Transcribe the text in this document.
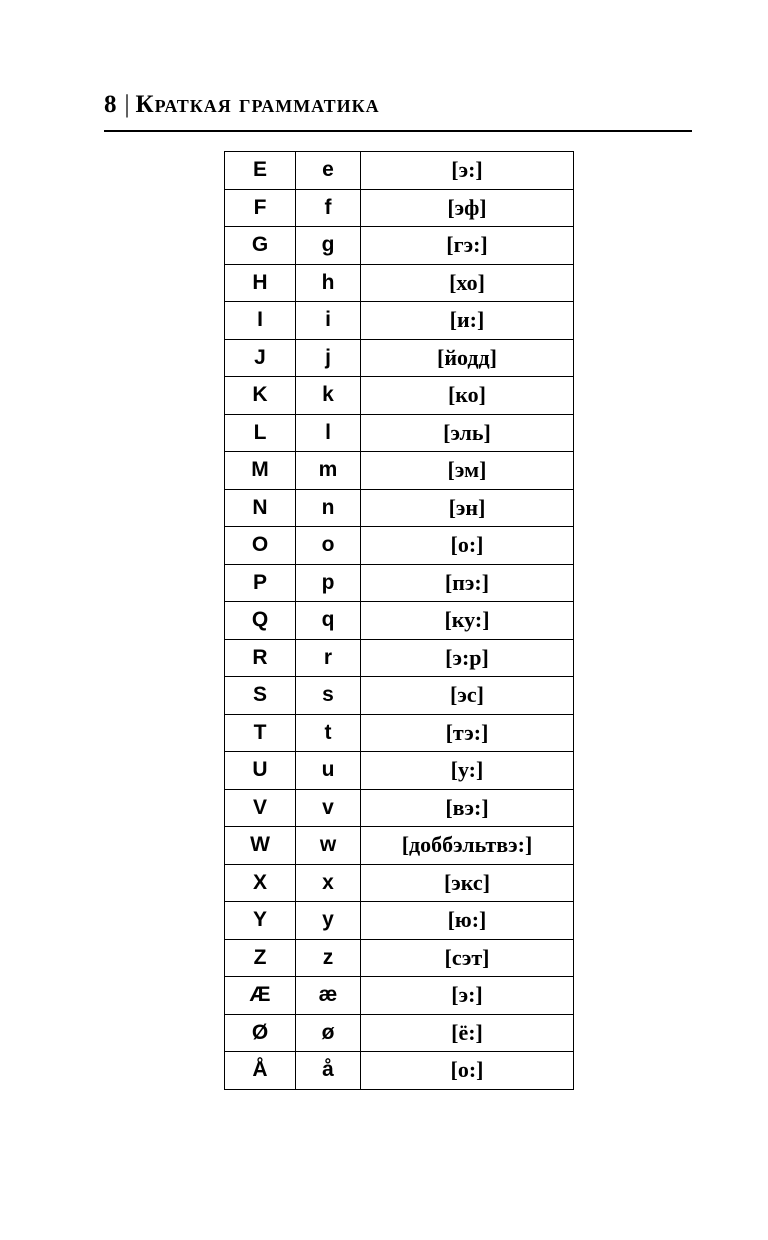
8 | Краткая грамматика
E	e	[э:]
F	f	[эф]
G	g	[гэ:]
H	h	[хо]
I	i	[и:]
J	j	[йодд]
K	k	[ко]
L	l	[эль]
M	m	[эм]
N	n	[эн]
O	o	[о:]
P	p	[пэ:]
Q	q	[ку:]
R	r	[э:р]
S	s	[эс]
T	t	[тэ:]
U	u	[у:]
V	v	[вэ:]
W	w	[доббэльтвэ:]
X	x	[экс]
Y	y	[ю:]
Z	z	[сэт]
Æ	æ	[э:]
Ø	ø	[ё:]
Å	å	[о:]
